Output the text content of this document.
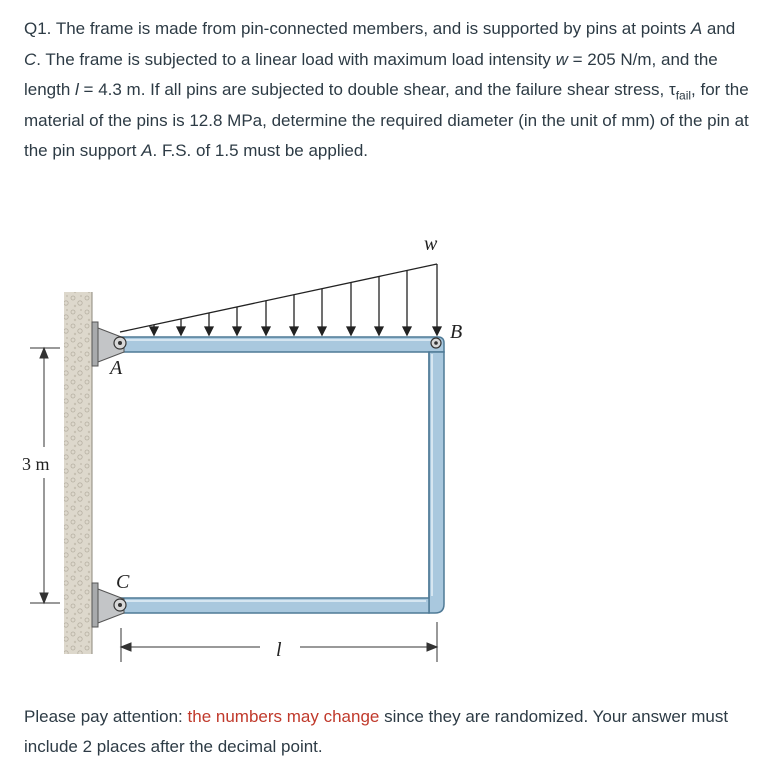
Q1. The frame is made from pin-connected members, and is supported by pins at points A and C. The frame is subjected to a linear load with maximum load intensity w = 205 N/m, and the length l = 4.3 m. If all pins are subjected to double shear, and the failure shear stress, $\tau_{fail}$, for the material of the pins is 12.8 MPa, determine the required diameter (in the unit of mm) of the pin at the pin support A. F.S. of 1.5 must be applied.

3 m
w
B
A
C
l

Please pay attention: the numbers may change since they are randomized. Your answer must include 2 places after the decimal point.
